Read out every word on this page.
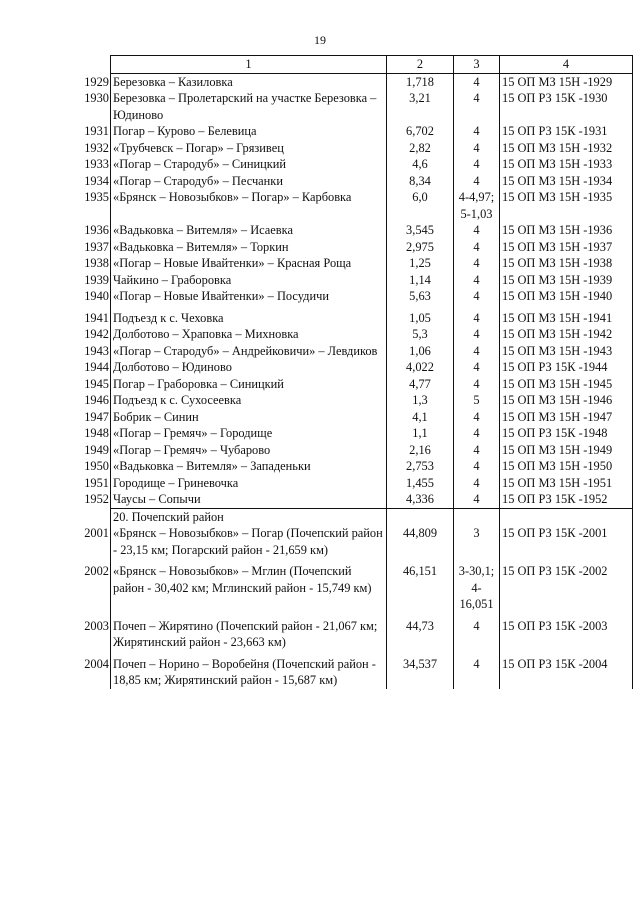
19
1	2	3	4

1929 Березовка – Казиловка	1,718	4	15 ОП МЗ 15Н -1929

1930 Березовка – Пролетарский на участке Березовка – Юдиново	3,21	4	15 ОП РЗ 15К -1930

1931 Погар – Курово – Белевица	6,702	4	15 ОП РЗ 15К -1931

1932 «Трубчевск – Погар» – Грязивец	2,82	4	15 ОП МЗ 15Н -1932

1933 «Погар – Стародуб» – Синицкий	4,6	4	15 ОП МЗ 15Н -1933

1934 «Погар – Стародуб» – Песчанки	8,34	4	15 ОП МЗ 15Н -1934

1935 «Брянск – Новозыбков» – Погар» – Карбовка	6,0	4-4,97; 5-1,03	15 ОП МЗ 15Н -1935

1936 «Вадьковка – Витемля» – Исаевка	3,545	4	15 ОП МЗ 15Н -1936

1937 «Вадьковка – Витемля» – Торкин	2,975	4	15 ОП МЗ 15Н -1937

1938 «Погар – Новые Ивайтенки» – Красная Роща	1,25	4	15 ОП МЗ 15Н -1938

1939 Чайкино – Граборовка	1,14	4	15 ОП МЗ 15Н -1939

1940 «Погар – Новые Ивайтенки» – Посудичи	5,63	4	15 ОП МЗ 15Н -1940

1941 Подъезд к с. Чеховка	1,05	4	15 ОП МЗ 15Н -1941

1942 Долботово – Храповка – Михновка	5,3	4	15 ОП МЗ 15Н -1942

1943 «Погар – Стародуб» – Андрейковичи» – Левдиков	1,06	4	15 ОП МЗ 15Н -1943

1944 Долботово – Юдиново	4,022	4	15 ОП РЗ 15К -1944

1945 Погар – Граборовка – Синицкий	4,77	4	15 ОП МЗ 15Н -1945

1946 Подъезд к с. Сухосеевка	1,3	5	15 ОП МЗ 15Н -1946

1947 Бобрик – Синин	4,1	4	15 ОП МЗ 15Н -1947

1948 «Погар – Гремяч» – Городище	1,1	4	15 ОП РЗ 15К -1948

1949 «Погар – Гремяч» – Чубарово	2,16	4	15 ОП МЗ 15Н -1949

1950 «Вадьковка – Витемля» – Западеньки	2,753	4	15 ОП МЗ 15Н -1950

1951 Городище – Гриневочка	1,455	4	15 ОП МЗ 15Н -1951

1952 Чаусы – Сопычи	4,336	4	15 ОП РЗ 15К -1952
20. Почепский район			

2001 «Брянск – Новозыбков» – Погар (Почепский район - 23,15 км; Погарский район - 21,659 км)	44,809	3	15 ОП РЗ 15К -2001

2002 «Брянск – Новозыбков» – Мглин (Почепский район - 30,402 км; Мглинский район - 15,749 км)	46,151	3-30,1; 4- 16,051	15 ОП РЗ 15К -2002

2003 Почеп – Жирятино (Почепский район - 21,067 км; Жирятинский район - 23,663 км)	44,73	4	15 ОП РЗ 15К -2003

2004 Почеп – Норино – Воробейня (Почепский район - 18,85 км; Жирятинский район - 15,687 км)	34,537	4	15 ОП РЗ 15К -2004
